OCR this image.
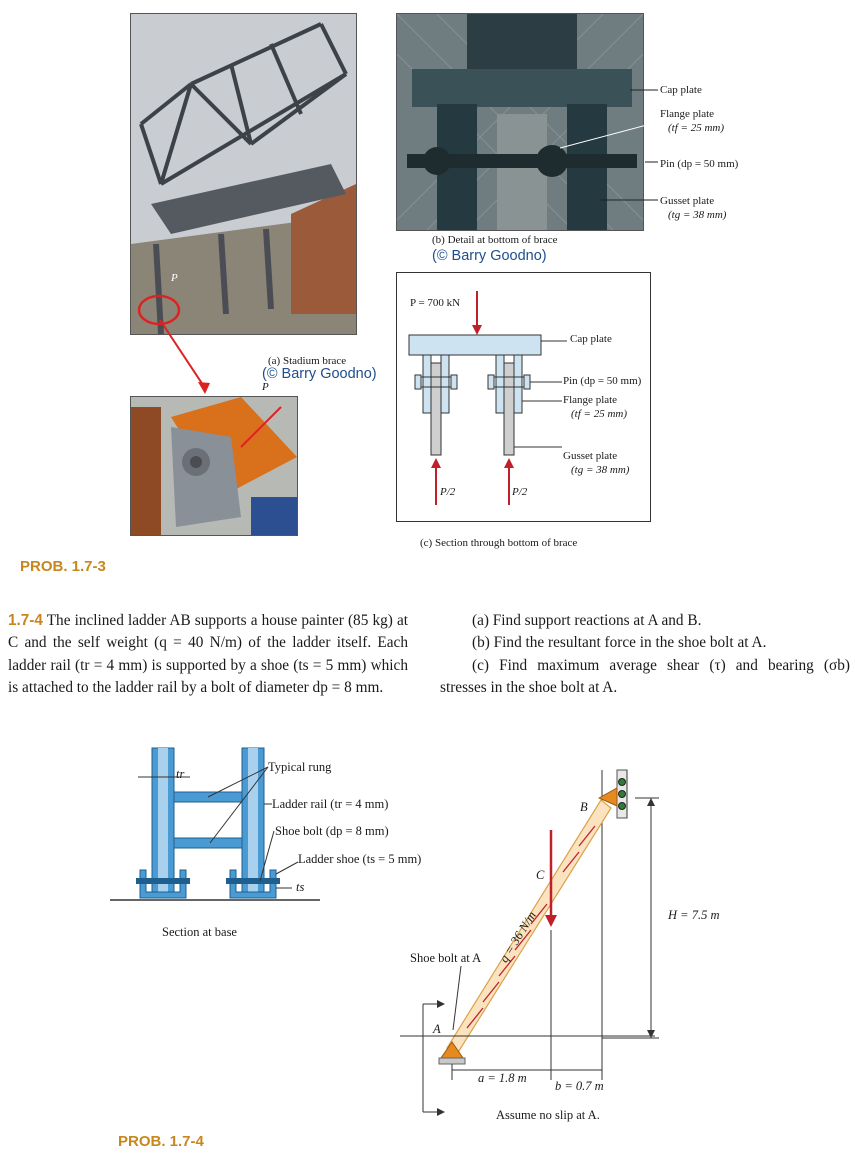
P
(a) Stadium brace
(© Barry Goodno)
P
Cap plate
Flange plate
(tf = 25 mm)
Pin (dp = 50 mm)
Gusset plate
(tg = 38 mm)
(b) Detail at bottom of brace
(© Barry Goodno)
P = 700 kN
Cap plate
Pin (dp = 50 mm)
Flange plate
(tf = 25 mm)
Gusset plate
(tg = 38 mm)
P/2	P/2
(c) Section through bottom of brace
PROB. 1.7-3
1.7-4 The inclined ladder AB supports a house painter (85 kg) at C and the self weight (q = 40 N/m) of the ladder itself. Each ladder rail (tr = 4 mm) is supported by a shoe (ts = 5 mm) which is attached to the ladder rail by a bolt of diameter dp = 8 mm.
(a) Find support reactions at A and B.
(b) Find the resultant force in the shoe bolt at A.
(c) Find maximum average shear (τ) and bearing (σb) stresses in the shoe bolt at A.
tr	Typical rung
Ladder rail (tr = 4 mm)
Shoe bolt (dp = 8 mm)
Ladder shoe (ts = 5 mm)
ts
Section at base
B
C
q = 36 N/m
Shoe bolt at A
A
a = 1.8 m
b = 0.7 m
H = 7.5 m
Assume no slip at A.
PROB. 1.7-4
